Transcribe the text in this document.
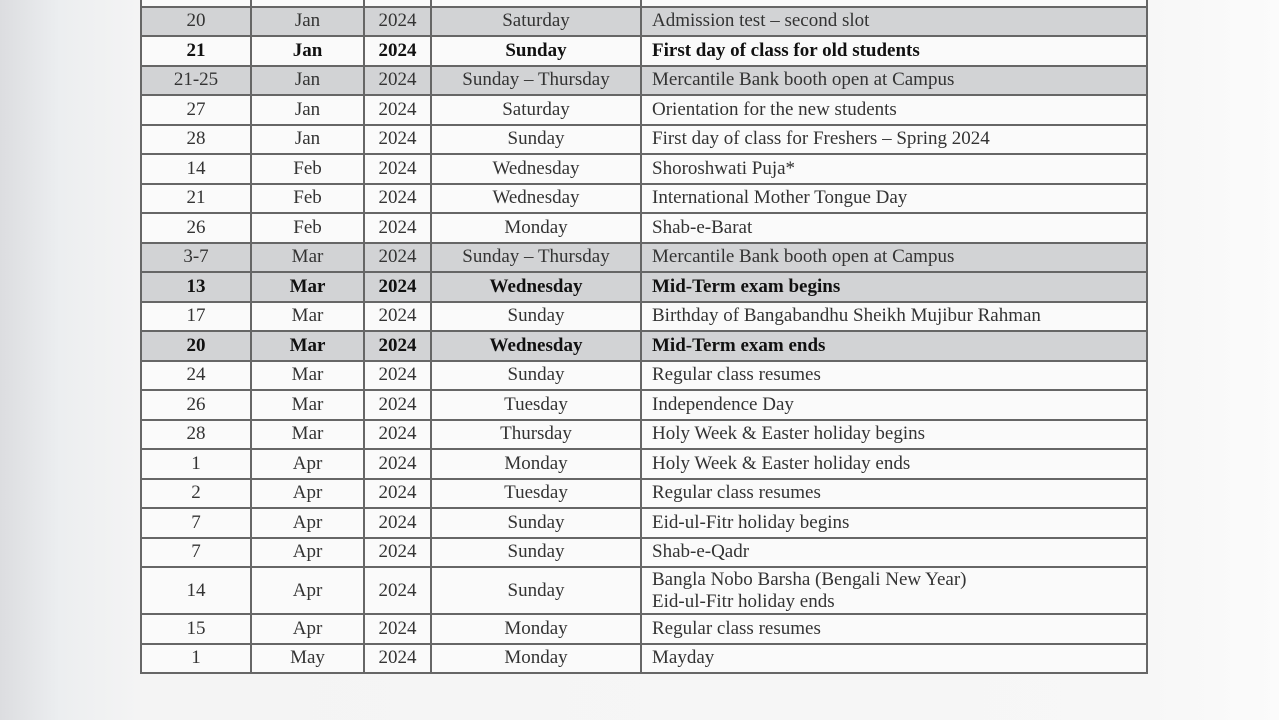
20	Jan	2024	Saturday	Admission test – second slot
21	Jan	2024	Sunday	First day of class for old students
21-25	Jan	2024	Sunday – Thursday	Mercantile Bank booth open at Campus
27	Jan	2024	Saturday	Orientation for the new students
28	Jan	2024	Sunday	First day of class for Freshers – Spring 2024
14	Feb	2024	Wednesday	Shoroshwati Puja*
21	Feb	2024	Wednesday	International Mother Tongue Day
26	Feb	2024	Monday	Shab-e-Barat
3-7	Mar	2024	Sunday – Thursday	Mercantile Bank booth open at Campus
13	Mar	2024	Wednesday	Mid-Term exam begins
17	Mar	2024	Sunday	Birthday of Bangabandhu Sheikh Mujibur Rahman
20	Mar	2024	Wednesday	Mid-Term exam ends
24	Mar	2024	Sunday	Regular class resumes
26	Mar	2024	Tuesday	Independence Day
28	Mar	2024	Thursday	Holy Week & Easter holiday begins
1	Apr	2024	Monday	Holy Week & Easter holiday ends
2	Apr	2024	Tuesday	Regular class resumes
7	Apr	2024	Sunday	Eid-ul-Fitr holiday begins
7	Apr	2024	Sunday	Shab-e-Qadr
14	Apr	2024	Sunday	Bangla Nobo Barsha (Bengali New Year)
Eid-ul-Fitr holiday ends
15	Apr	2024	Monday	Regular class resumes
1	May	2024	Monday	Mayday
